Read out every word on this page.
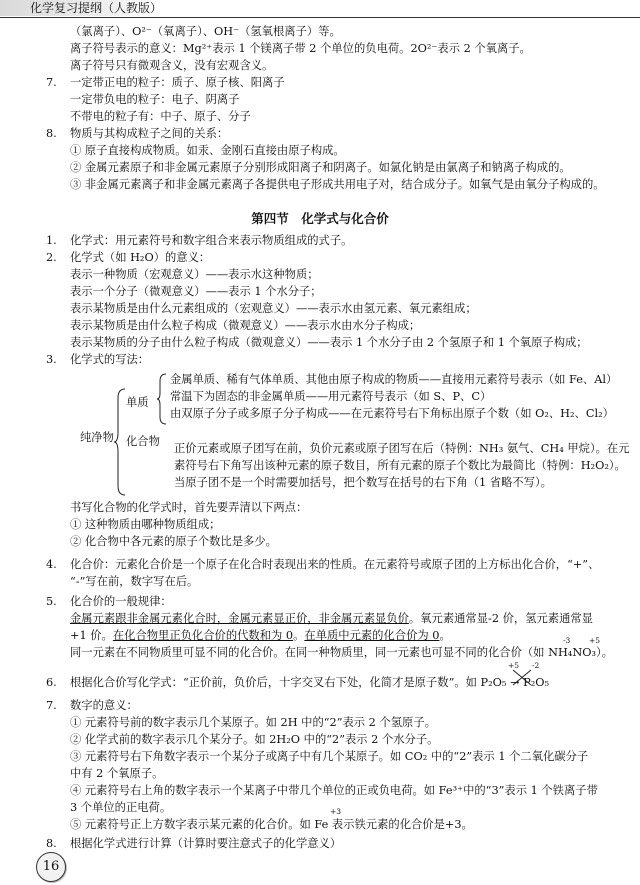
化学复习提纲（人教版）
（氯离子）、O²⁻（氧离子）、OH⁻（氢氧根离子）等。
离子符号表示的意义：Mg²⁺表示 1 个镁离子带 2 个单位的负电荷。2O²⁻表示 2 个氧离子。
离子符号只有微观含义，没有宏观含义。
7. 一定带正电的粒子：质子、原子核、阳离子
一定带负电的粒子：电子、阴离子
不带电的粒子有：中子、原子、分子
8. 物质与其构成粒子之间的关系：
① 原子直接构成物质。如汞、金刚石直接由原子构成。
② 金属元素原子和非金属元素原子分别形成阳离子和阴离子。如氯化钠是由氯离子和钠离子构成的。
③ 非金属元素离子和非金属元素离子各提供电子形成共用电子对，结合成分子。如氧气是由氧分子构成的。
第四节　化学式与化合价
1. 化学式：用元素符号和数字组合来表示物质组成的式子。
2. 化学式（如 H₂O）的意义：
表示一种物质（宏观意义）——表示水这种物质；
表示一个分子（微观意义）——表示 1 个水分子；
表示某物质是由什么元素组成的（宏观意义）——表示水由氢元素、氧元素组成；
表示某物质是由什么粒子构成（微观意义）——表示水由水分子构成；
表示某物质的分子由什么粒子构成（微观意义）——表示 1 个水分子由 2 个氢原子和 1 个氧原子构成；
3. 化学式的写法：
纯净物
单质
金属单质、稀有气体单质、其他由原子构成的物质——直接用元素符号表示（如 Fe、Al）
常温下为固态的非金属单质——用元素符号表示（如 S、P、C）
由双原子分子或多原子分子构成——在元素符号右下角标出原子个数（如 O₂、H₂、Cl₂）
化合物
正价元素或原子团写在前，负价元素或原子团写在后（特例：NH₃ 氨气、CH₄ 甲烷）。在元
素符号右下角写出该种元素的原子数目，所有元素的原子个数比为最简比（特例：H₂O₂）。
当原子团不是一个时需要加括号，把个数写在括号的右下角（1 省略不写）。
书写化合物的化学式时，首先要弄清以下两点：
① 这种物质由哪种物质组成；
② 化合物中各元素的原子个数比是多少。
4. 化合价：元素化合价是一个原子在化合时表现出来的性质。在元素符号或原子团的上方标出化合价，“+”、
“-”写在前，数字写在后。
5. 化合价的一般规律：
金属元素跟非金属元素化合时，金属元素显正价，非金属元素显负价。氧元素通常显-2 价，氢元素通常显
+1 价。在化合物里正负化合价的代数和为 0。在单质中元素的化合价为 0。	-3 +5
同一元素在不同物质里可显不同的化合价。在同一种物质里，同一元素也可显不同的化合价（如 NH₄NO₃）。
6.
+5 -2
根据化合价写化学式：“正价前，负价后，十字交叉右下处，化简才是原子数”。如 P₂O₅ → P₂O₅
7. 数字的意义：
① 元素符号前的数字表示几个某原子。如 2H 中的“2”表示 2 个氢原子。
② 化学式前的数字表示几个某分子。如 2H₂O 中的“2”表示 2 个水分子。
③ 元素符号右下角数字表示一个某分子或离子中有几个某原子。如 CO₂ 中的“2”表示 1 个二氧化碳分子
中有 2 个氧原子。
④ 元素符号右上角的数字表示一个某离子中带几个单位的正或负电荷。如 Fe³⁺中的“3”表示 1 个铁离子带
3 个单位的正电荷。	+3
⑤ 元素符号正上方数字表示某元素的化合价。如 Fe 表示铁元素的化合价是+3。
8. 根据化学式进行计算（计算时要注意式子的化学意义）
16
